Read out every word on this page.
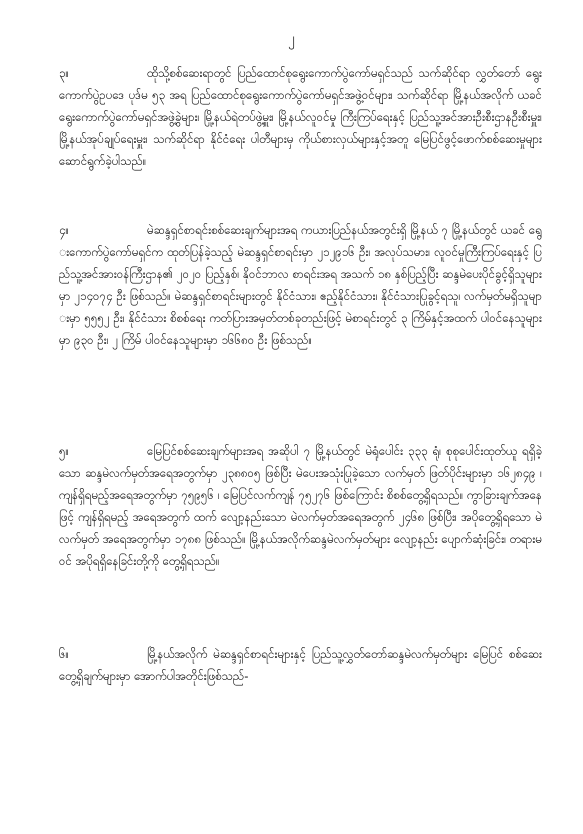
၂

၃။	ထိုသို့စစ်ဆေးရာတွင် ပြည်ထောင်စုရွေးကောက်ပွဲကော်မရှင်သည် သက်ဆိုင်ရာ လွှတ်တော် ရွေးကောက်ပွဲဥပဒေ ပုဒ်မ ၅၃ အရ ပြည်ထောင်စုရွေးကောက်ပွဲကော်မရှင်အဖွဲ့ဝင်များ၊ သက်ဆိုင်ရာ မြို့နယ်အလိုက် ယခင် ရွေးကောက်ပွဲကော်မရှင်အဖွဲ့ခွဲများ၊ မြို့နယ်ရဲတပ်ဖွဲ့မှူး၊ မြို့နယ်လူဝင်မှု ကြီးကြပ်ရေးနှင့် ပြည်သူ့အင်အားဦးစီးဌာနဦးစီးမှူး၊ မြို့နယ်အုပ်ချုပ်ရေးမှူး၊ သက်ဆိုင်ရာ နိုင်ငံရေး ပါတီများမှ ကိုယ်စားလှယ်များနှင့်အတူ မြေပြင်ဖွင့်ဖောက်စစ်ဆေးမှုများ ဆောင်ရွက်ခဲ့ပါသည်။

၄။	မဲဆန္ဒရှင်စာရင်းစစ်ဆေးချက်များအရ ကယားပြည်နယ်အတွင်းရှိ မြို့နယ် ၇ မြို့နယ်တွင် ယခင် ရွေးကောက်ပွဲကော်မရှင်က ထုတ်ပြန်ခဲ့သည့် မဲဆန္ဒရှင်စာရင်းမှာ ၂၁၂၉၁၆ ဦး၊ အလုပ်သမား၊ လူဝင်မှုကြီးကြပ်ရေးနှင့် ပြည်သူ့အင်အားဝန်ကြီးဌာန၏ ၂၀၂၀ ပြည့်နှစ်၊ နိုဝင်ဘာလ စာရင်းအရ အသက် ၁၈ နှစ်ပြည့်ပြီး ဆန္ဒမဲပေးပိုင်ခွင့်ရှိသူများမှာ ၂၁၄၀၇၄ ဦး ဖြစ်သည်။ မဲဆန္ဒရှင်စာရင်းများတွင် နိုင်ငံသား၊ ဧည့်နိုင်ငံသား၊ နိုင်ငံသားပြုခွင့်ရသူ၊ လက်မှတ်မရှိသူများမှာ ၅၅၅၂ ဦး၊ နိုင်ငံသား စိစစ်ရေး ကတ်ပြားအမှတ်တစ်ခုတည်းဖြင့် မဲစာရင်းတွင် ၃ ကြိမ်နှင့်အထက် ပါဝင်နေသူများမှာ ၉၃၀ ဦး၊ ၂ ကြိမ် ပါဝင်နေသူများမှာ ၁၆၆၈၀ ဦး ဖြစ်သည်။

၅။	မြေပြင်စစ်ဆေးချက်များအရ အဆိုပါ ၇ မြို့နယ်တွင် မဲရုံပေါင်း ၃၃၃ ရုံ၊ စုစုပေါင်းထုတ်ယူ ရရှိခဲ့သော ဆန္ဒမဲလက်မှတ်အရေအတွက်မှာ ၂၃၈၈၀၅ ဖြစ်ပြီး မဲပေးအသုံးပြုခဲ့သော လက်မှတ် ဖြတ်ပိုင်းများမှာ ၁၆၂၈၄၉ ၊ ကျန်ရှိရမည့်အရေအတွက်မှာ ၇၅၉၅၆ ၊ မြေပြင်လက်ကျန် ၇၅၂၇၆ ဖြစ်ကြောင်း စိစစ်တွေ့ရှိရသည်။ ကွာခြားချက်အနေဖြင့် ကျန်ရှိရမည့် အရေအတွက် ထက် လျော့နည်းသော မဲလက်မှတ်အရေအတွက် ၂၄၆၈ ဖြစ်ပြီး၊ အပိုတွေ့ရှိရသော မဲလက်မှတ် အရေအတွက်မှာ ၁၇၈၈ ဖြစ်သည်။ မြို့နယ်အလိုက်ဆန္ဒမဲလက်မှတ်များ လျော့နည်း ပျောက်ဆုံးခြင်း၊ တရားမဝင် အပိုရရှိနေခြင်းတို့ကို တွေ့ရှိရသည်။

၆။	မြို့နယ်အလိုက် မဲဆန္ဒရှင်စာရင်းများနှင့် ပြည်သူ့လွှတ်တော်ဆန္ဒမဲလက်မှတ်များ မြေပြင် စစ်ဆေးတွေ့ရှိချက်များမှာ အောက်ပါအတိုင်းဖြစ်သည်-
